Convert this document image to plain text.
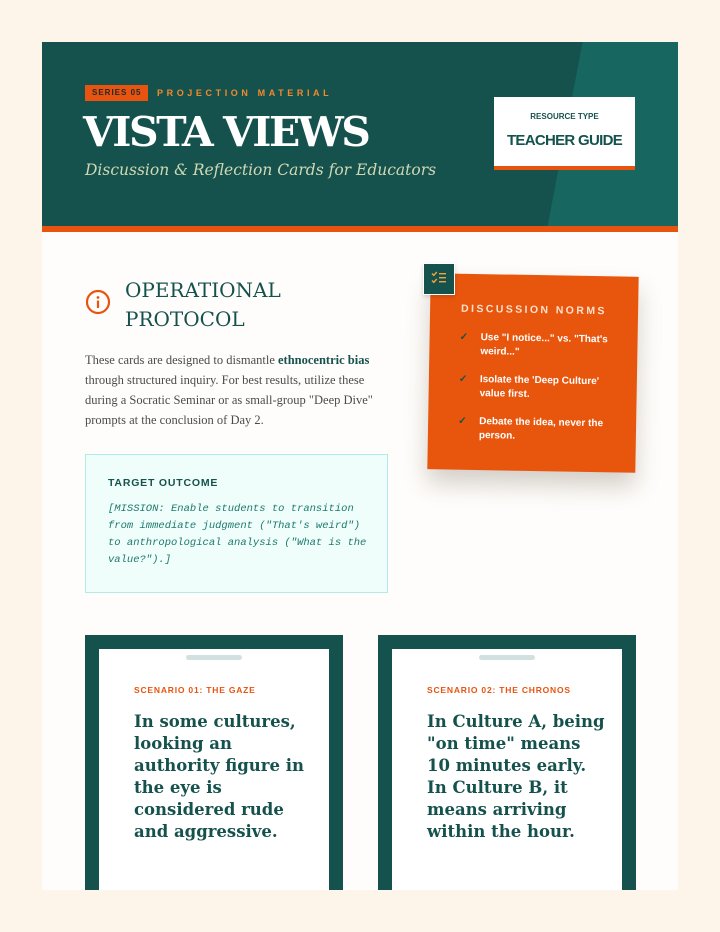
SERIES 05	PROJECTION MATERIAL
VISTA VIEWS
Discussion & Reflection Cards for Educators
RESOURCE TYPE
TEACHER GUIDE
OPERATIONAL
PROTOCOL

These cards are designed to dismantle ethnocentric bias through structured inquiry. For best results, utilize these during a Socratic Seminar or as small-group "Deep Dive" prompts at the conclusion of Day 2.

TARGET OUTCOME
[MISSION: Enable students to transition from immediate judgment ("That's weird") to anthropological analysis ("What is the value?").]
DISCUSSION NORMS
✓ Use "I notice..." vs. "That's weird..."
✓ Isolate the 'Deep Culture' value first.
✓ Debate the idea, never the person.
SCENARIO 01: THE GAZE
In some cultures, looking an authority figure in the eye is considered rude and aggressive.
SCENARIO 02: THE CHRONOS
In Culture A, being "on time" means 10 minutes early. In Culture B, it means arriving within the hour.
